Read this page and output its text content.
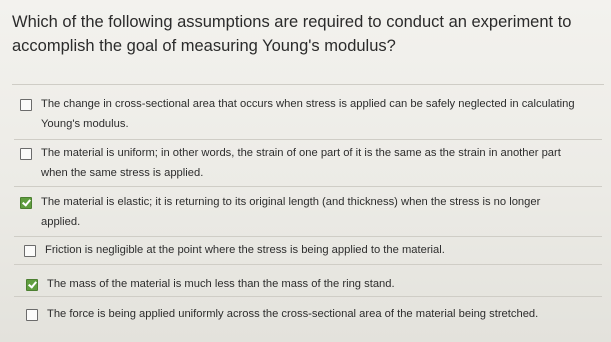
Which of the following assumptions are required to conduct an experiment to accomplish the goal of measuring Young's modulus?
The change in cross-sectional area that occurs when stress is applied can be safely neglected in calculating Young's modulus.
The material is uniform; in other words, the strain of one part of it is the same as the strain in another part when the same stress is applied.
The material is elastic; it is returning to its original length (and thickness) when the stress is no longer applied.
Friction is negligible at the point where the stress is being applied to the material.
The mass of the material is much less than the mass of the ring stand.
The force is being applied uniformly across the cross-sectional area of the material being stretched.
